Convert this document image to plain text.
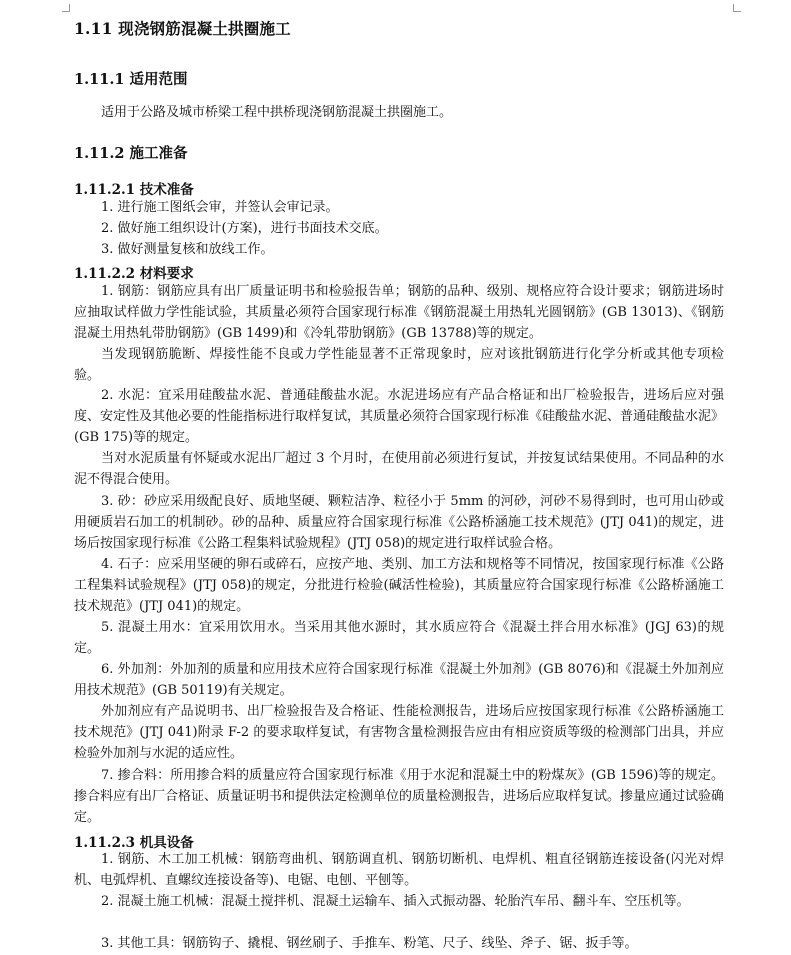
1.11 现浇钢筋混凝土拱圈施工
1.11.1 适用范围
适用于公路及城市桥梁工程中拱桥现浇钢筋混凝土拱圈施工。
1.11.2 施工准备
1.11.2.1 技术准备
1. 进行施工图纸会审，并签认会审记录。
2. 做好施工组织设计(方案)，进行书面技术交底。
3. 做好测量复核和放线工作。
1.11.2.2 材料要求
1. 钢筋：钢筋应具有出厂质量证明书和检验报告单；钢筋的品种、级别、规格应符合设计要求；钢筋进场时应抽取试样做力学性能试验，其质量必须符合国家现行标准《钢筋混凝土用热轧光圆钢筋》(GB 13013)、《钢筋混凝土用热轧带肋钢筋》(GB 1499)和《冷轧带肋钢筋》(GB 13788)等的规定。
当发现钢筋脆断、焊接性能不良或力学性能显著不正常现象时，应对该批钢筋进行化学分析或其他专项检验。
2. 水泥：宜采用硅酸盐水泥、普通硅酸盐水泥。水泥进场应有产品合格证和出厂检验报告，进场后应对强度、安定性及其他必要的性能指标进行取样复试，其质量必须符合国家现行标准《硅酸盐水泥、普通硅酸盐水泥》(GB 175)等的规定。
当对水泥质量有怀疑或水泥出厂超过 3 个月时，在使用前必须进行复试，并按复试结果使用。不同品种的水泥不得混合使用。
3. 砂：砂应采用级配良好、质地坚硬、颗粒洁净、粒径小于 5mm 的河砂，河砂不易得到时，也可用山砂或用硬质岩石加工的机制砂。砂的品种、质量应符合国家现行标准《公路桥涵施工技术规范》(JTJ 041)的规定，进场后按国家现行标准《公路工程集料试验规程》(JTJ 058)的规定进行取样试验合格。
4. 石子：应采用坚硬的卵石或碎石，应按产地、类别、加工方法和规格等不同情况，按国家现行标准《公路工程集料试验规程》(JTJ 058)的规定，分批进行检验(碱活性检验)，其质量应符合国家现行标准《公路桥涵施工技术规范》(JTJ 041)的规定。
5. 混凝土用水：宜采用饮用水。当采用其他水源时，其水质应符合《混凝土拌合用水标准》(JGJ 63)的规定。
6. 外加剂：外加剂的质量和应用技术应符合国家现行标准《混凝土外加剂》(GB 8076)和《混凝土外加剂应用技术规范》(GB 50119)有关规定。
外加剂应有产品说明书、出厂检验报告及合格证、性能检测报告，进场后应按国家现行标准《公路桥涵施工技术规范》(JTJ 041)附录 F-2 的要求取样复试，有害物含量检测报告应由有相应资质等级的检测部门出具，并应检验外加剂与水泥的适应性。
7. 掺合料：所用掺合料的质量应符合国家现行标准《用于水泥和混凝土中的粉煤灰》(GB 1596)等的规定。掺合料应有出厂合格证、质量证明书和提供法定检测单位的质量检测报告，进场后应取样复试。掺量应通过试验确定。
1.11.2.3 机具设备
1. 钢筋、木工加工机械：钢筋弯曲机、钢筋调直机、钢筋切断机、电焊机、粗直径钢筋连接设备(闪光对焊机、电弧焊机、直螺纹连接设备等)、电锯、电刨、平刨等。
2. 混凝土施工机械：混凝土搅拌机、混凝土运输车、插入式振动器、轮胎汽车吊、翻斗车、空压机等。
3. 其他工具：钢筋钩子、撬棍、钢丝刷子、手推车、粉笔、尺子、线坠、斧子、锯、扳手等。
